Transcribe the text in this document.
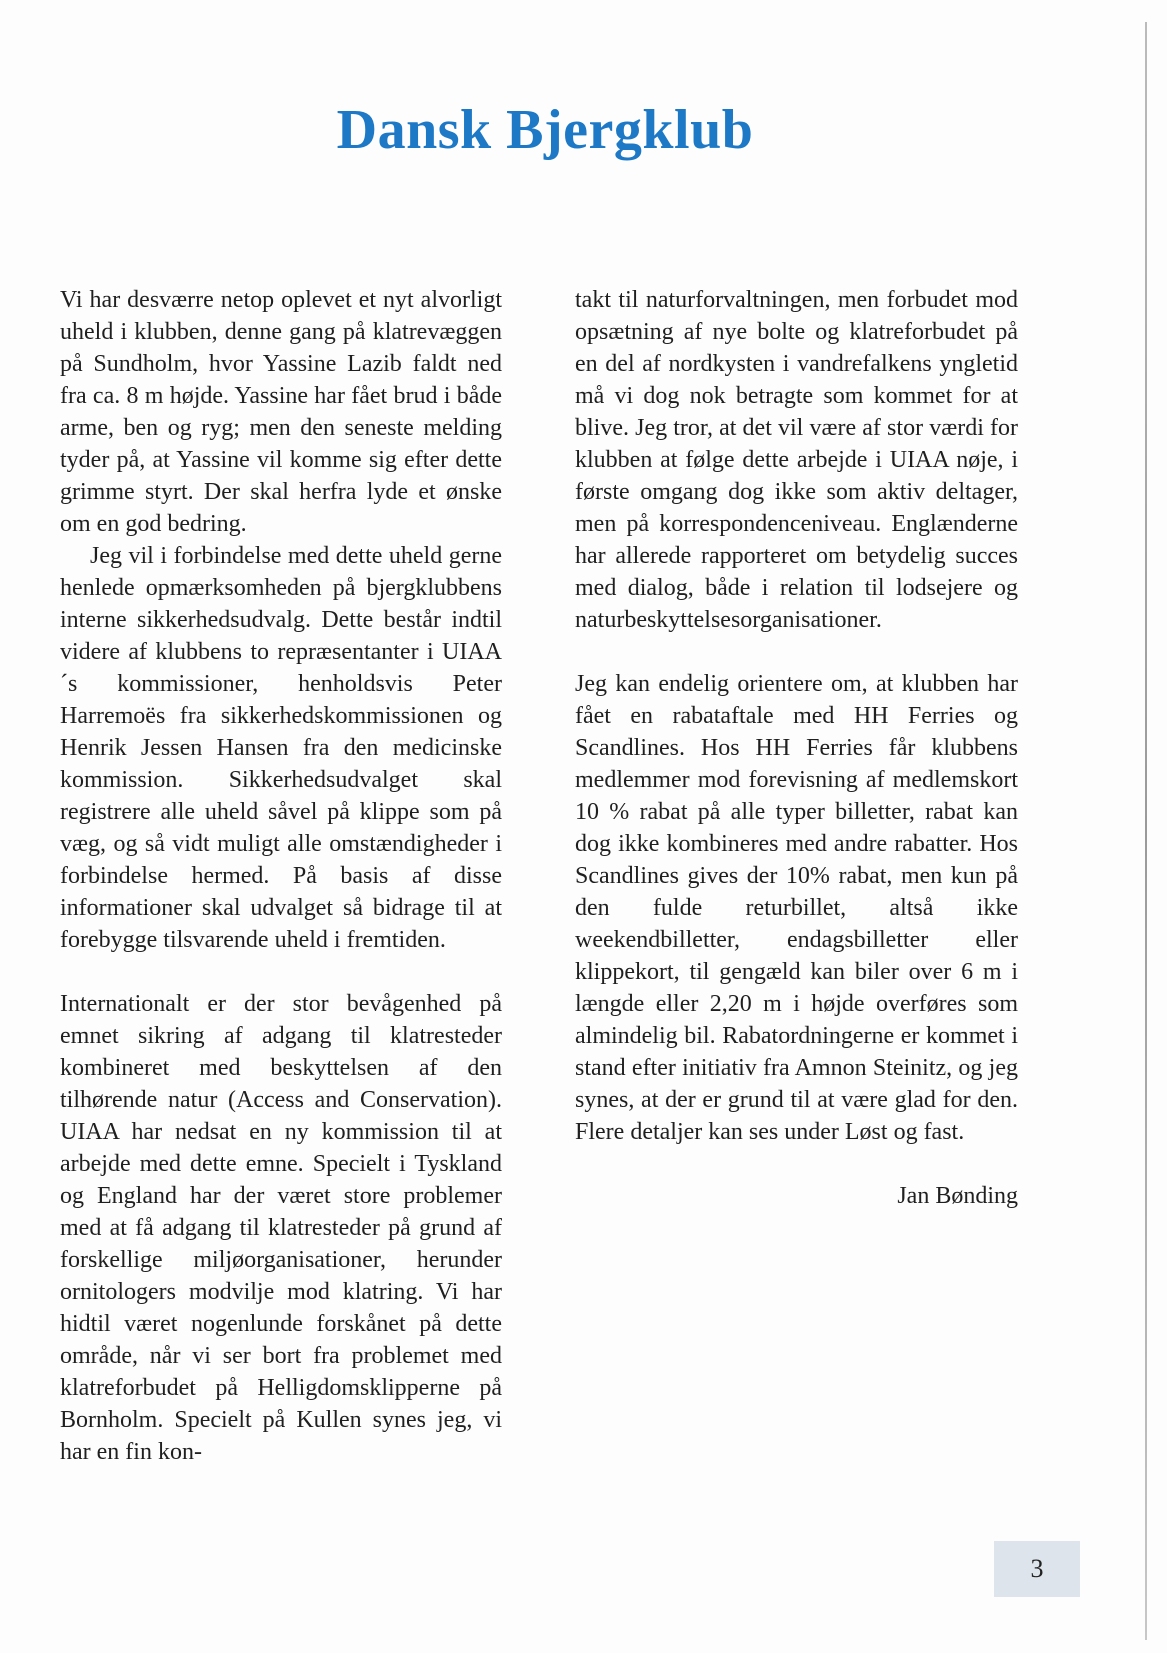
Dansk Bjergklub

Vi har desværre netop oplevet et nyt alvorligt uheld i klubben, denne gang på klatrevæggen på Sundholm, hvor Yassine Lazib faldt ned fra ca. 8 m højde. Yassine har fået brud i både arme, ben og ryg; men den seneste melding tyder på, at Yassine vil komme sig efter dette grimme styrt. Der skal herfra lyde et ønske om en god bedring.

Jeg vil i forbindelse med dette uheld gerne henlede opmærksomheden på bjergklubbens interne sikkerhedsudvalg. Dette består indtil videre af klubbens to repræsentanter i UIAA´s kommissioner, henholdsvis Peter Harremoës fra sikkerhedskommissionen og Henrik Jessen Hansen fra den medicinske kommission. Sikkerhedsudvalget skal registrere alle uheld såvel på klippe som på væg, og så vidt muligt alle omstændigheder i forbindelse hermed. På basis af disse informationer skal udvalget så bidrage til at forebygge tilsvarende uheld i fremtiden.

Internationalt er der stor bevågenhed på emnet sikring af adgang til klatresteder kombineret med beskyttelsen af den tilhørende natur (Access and Conservation). UIAA har nedsat en ny kommission til at arbejde med dette emne. Specielt i Tyskland og England har der været store problemer med at få adgang til klatresteder på grund af forskellige miljøorganisationer, herunder ornitologers modvilje mod klatring. Vi har hidtil været nogenlunde forskånet på dette område, når vi ser bort fra problemet med klatreforbudet på Helligdomsklipperne på Bornholm. Specielt på Kullen synes jeg, vi har en fin kon-

takt til naturforvaltningen, men forbudet mod opsætning af nye bolte og klatreforbudet på en del af nordkysten i vandrefalkens yngletid må vi dog nok betragte som kommet for at blive. Jeg tror, at det vil være af stor værdi for klubben at følge dette arbejde i UIAA nøje, i første omgang dog ikke som aktiv deltager, men på korrespondenceniveau. Englænderne har allerede rapporteret om betydelig succes med dialog, både i relation til lodsejere og naturbeskyttelsesorganisationer.

Jeg kan endelig orientere om, at klubben har fået en rabataftale med HH Ferries og Scandlines. Hos HH Ferries får klubbens medlemmer mod forevisning af medlemskort 10 % rabat på alle typer billetter, rabat kan dog ikke kombineres med andre rabatter. Hos Scandlines gives der 10% rabat, men kun på den fulde returbillet, altså ikke weekendbilletter, endagsbilletter eller klippekort, til gengæld kan biler over 6 m i længde eller 2,20 m i højde overføres som almindelig bil. Rabatordningerne er kommet i stand efter initiativ fra Amnon Steinitz, og jeg synes, at der er grund til at være glad for den. Flere detaljer kan ses under Løst og fast.

Jan Bønding
3
